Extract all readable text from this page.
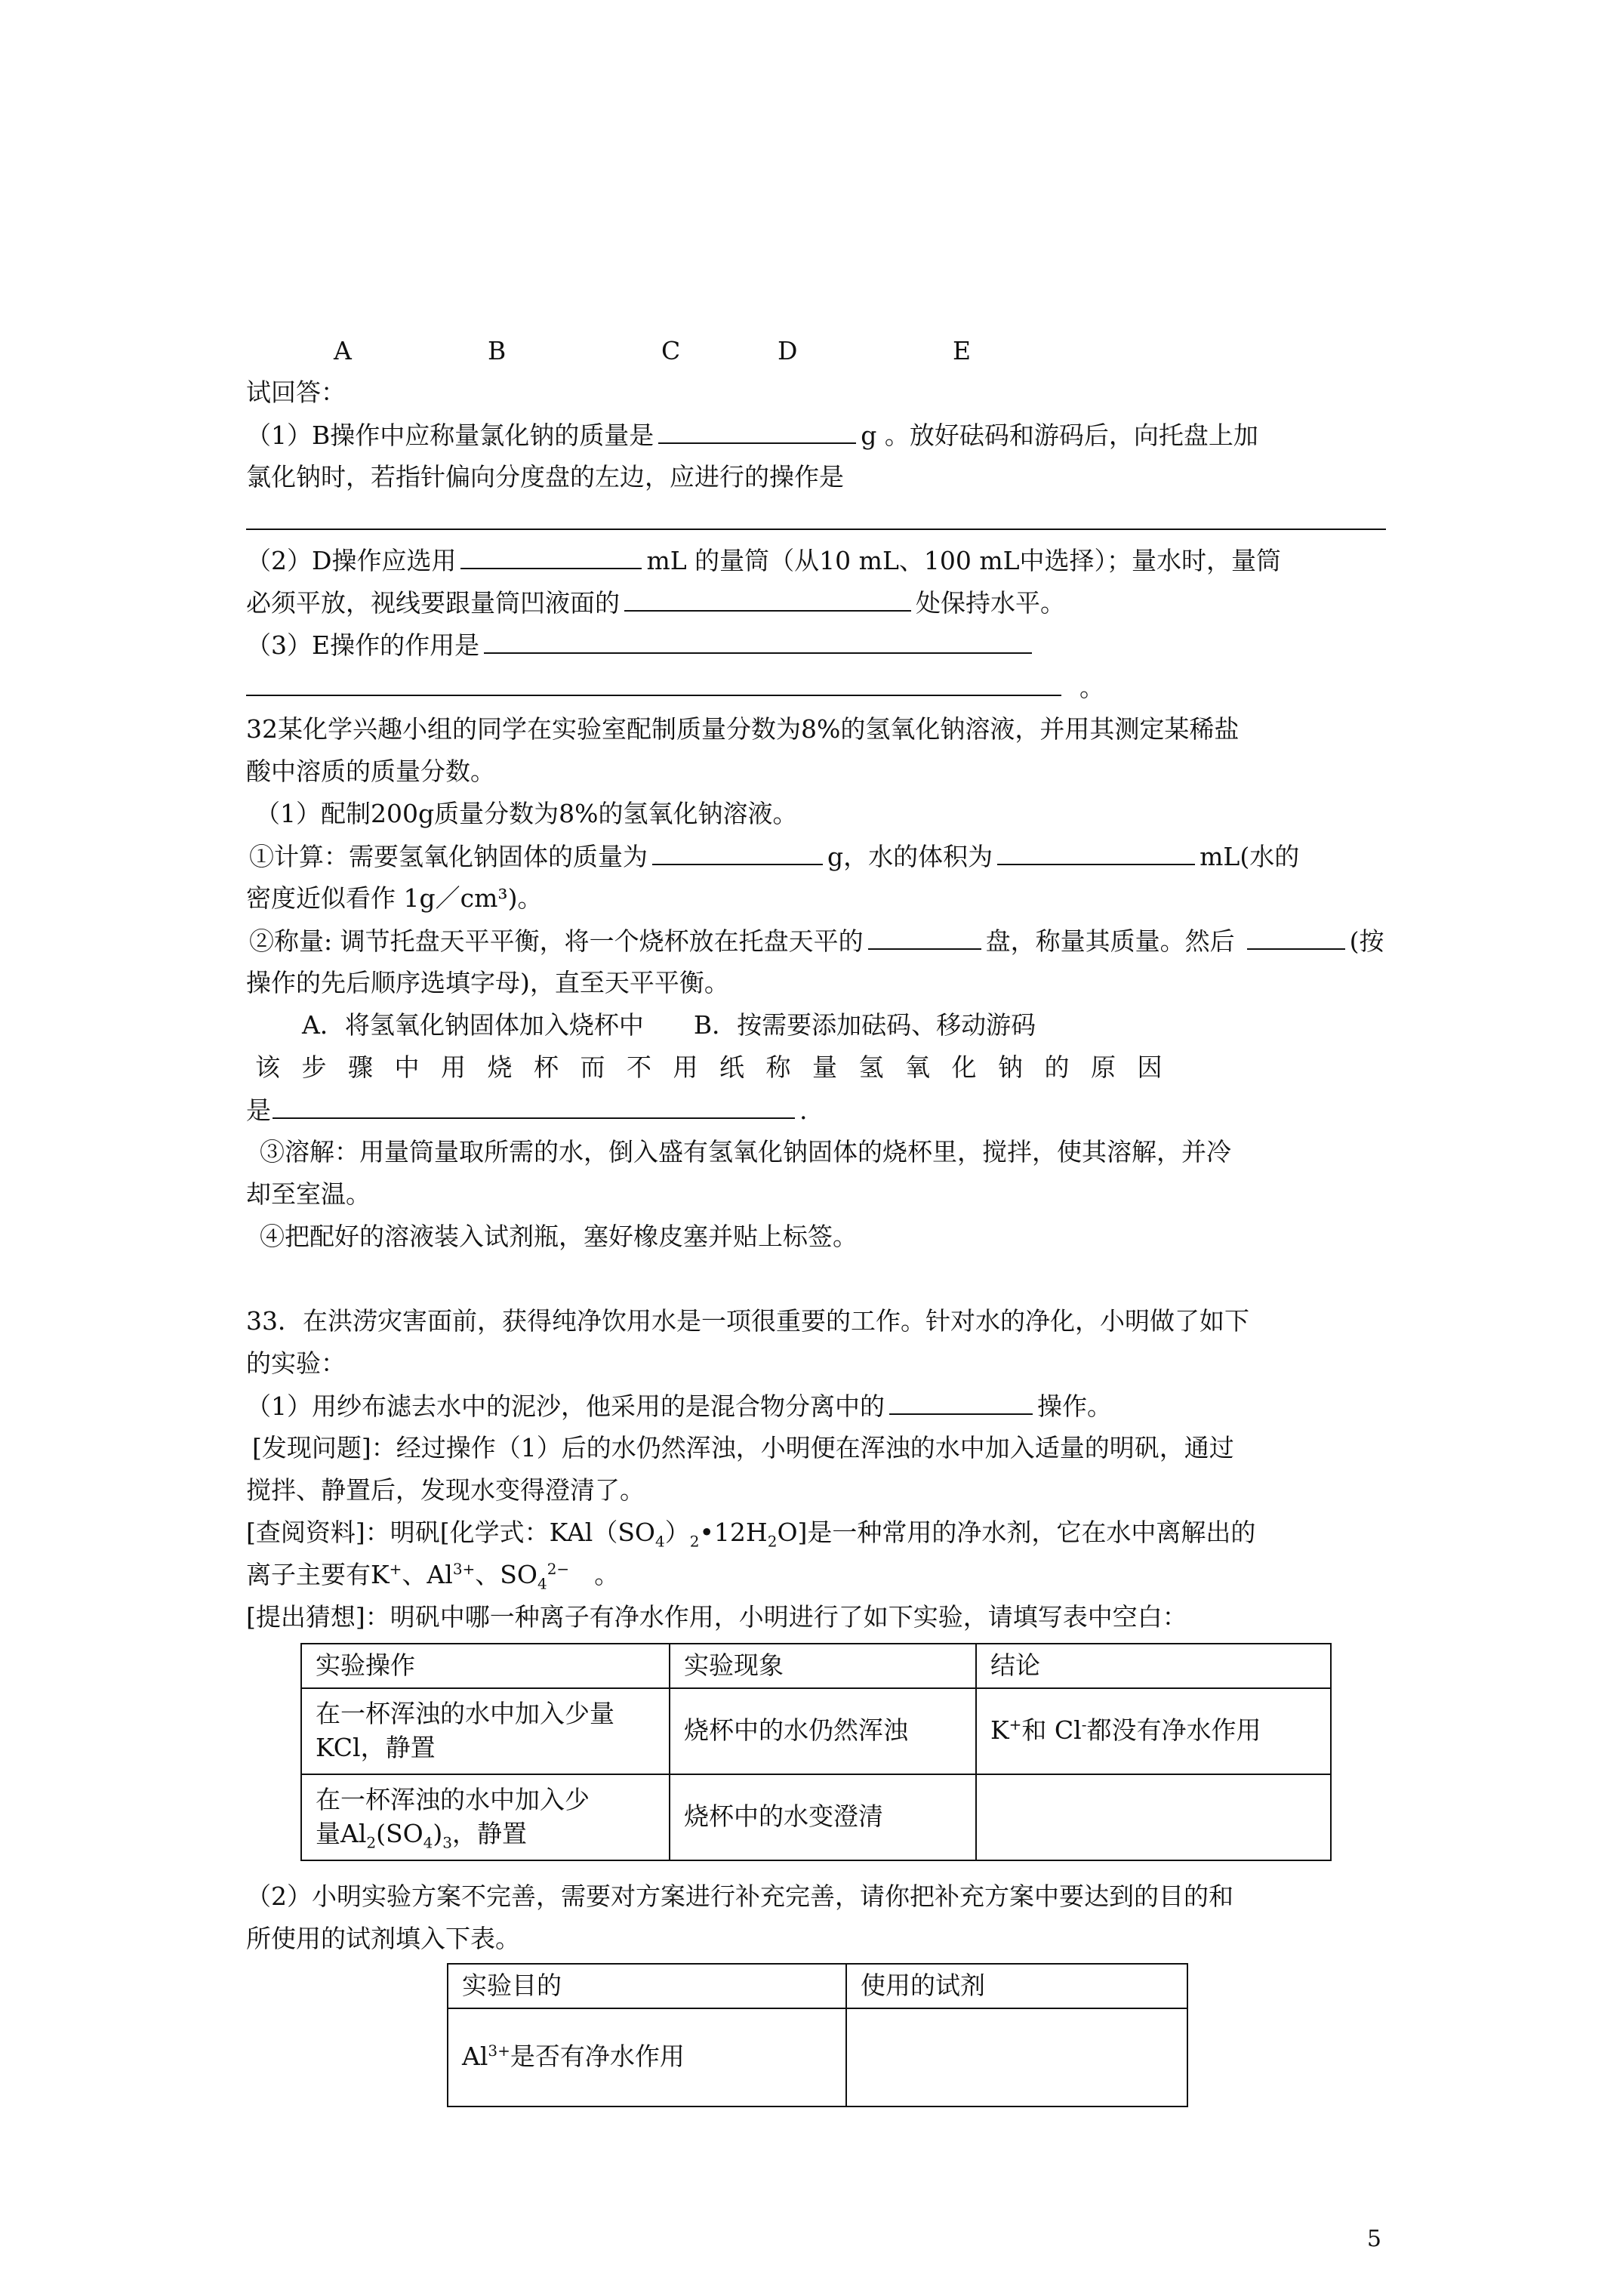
A	B	C	D	E
试回答：
（1）B操作中应称量氯化钠的质量是	g 。放好砝码和游码后，向托盘上加
氯化钠时，若指针偏向分度盘的左边，应进行的操作是
（2）D操作应选用	mL 的量筒（从10 mL、100 mL中选择）；量水时，量筒
必须平放，视线要跟量筒凹液面的	处保持水平。
（3）E操作的作用是
。
32某化学兴趣小组的同学在实验室配制质量分数为8%的氢氧化钠溶液，并用其测定某稀盐
酸中溶质的质量分数。
（1）配制200g质量分数为8%的氢氧化钠溶液。
①计算：需要氢氧化钠固体的质量为	g，水的体积为	mL(水的
密度近似看作 1g／cm³)。
②称量: 调节托盘天平平衡，将一个烧杯放在托盘天平的	盘，称量其质量。然后	(按
操作的先后顺序选填字母)，直至天平平衡。
A．将氢氧化钠固体加入烧杯中　　B．按需要添加砝码、移动游码
该步骤中用烧杯而不用纸称量氢氧化钠的原因
是	.
③溶解：用量筒量取所需的水，倒入盛有氢氧化钠固体的烧杯里，搅拌，使其溶解，并冷
却至室温。
④把配好的溶液装入试剂瓶，塞好橡皮塞并贴上标签。
33．在洪涝灾害面前，获得纯净饮用水是一项很重要的工作。针对水的净化，小明做了如下
的实验：
（1）用纱布滤去水中的泥沙，他采用的是混合物分离中的	操作。
[发现问题]：经过操作（1）后的水仍然浑浊，小明便在浑浊的水中加入适量的明矾，通过
搅拌、静置后，发现水变得澄清了。
[查阅资料]：明矾[化学式：$KAl(SO_4)_2•12H_2O$]是一种常用的净水剂，它在水中离解出的
离子主要有K+、$Al^{3+}$、$SO_4^{2-}$　。
[提出猜想]：明矾中哪一种离子有净水作用，小明进行了如下实验，请填写表中空白：
实验操作	实验现象	结论
在一杯浑浊的水中加入少量KCl，静置	烧杯中的水仍然浑浊	K+和 Cl-都没有净水作用
在一杯浑浊的水中加入少
量$Al_2(SO_4)_3$，静置	烧杯中的水变澄清	
（2）小明实验方案不完善，需要对方案进行补充完善，请你把补充方案中要达到的目的和
所使用的试剂填入下表。
实验目的	使用的试剂
$Al^{3+}$是否有净水作用	
5
